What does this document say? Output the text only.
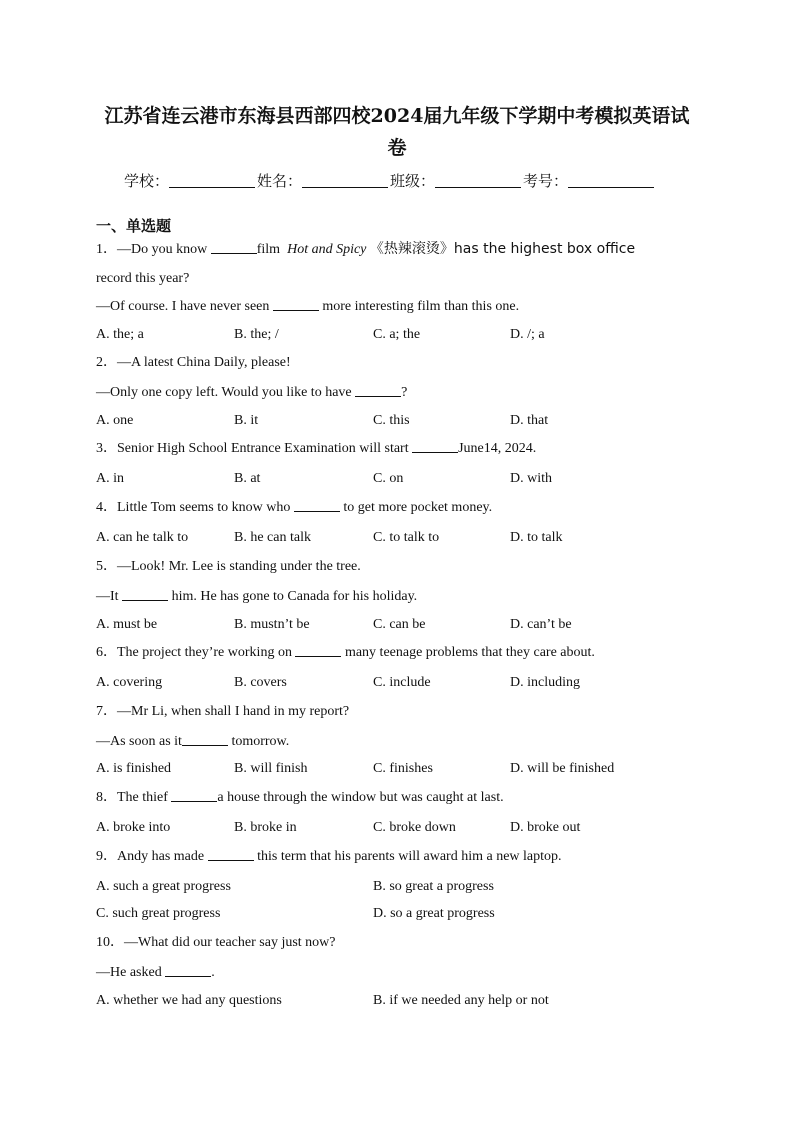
江苏省连云港市东海县西部四校2024届九年级下学期中考模拟英语试
卷
学校：	姓名：	班级：	考号：
一、单选题
1．—Do you know	film Hot and Spicy 《热辣滚烫》has the highest box office
record this year?
—Of course. I have never seen	more interesting film than this one.
A. the; a	B. the; /	C. a; the	D. /; a
2．—A latest China Daily, please!
—Only one copy left. Would you like to have	?
A. one	B. it	C. this	D. that
3．Senior High School Entrance Examination will start	June14, 2024.
A. in	B. at	C. on	D. with
4．Little Tom seems to know who	to get more pocket money.
A. can he talk to	B. he can talk	C. to talk to	D. to talk
5．—Look! Mr. Lee is standing under the tree.
—It	him. He has gone to Canada for his holiday.
A. must be	B. mustn’t be	C. can be	D. can’t be
6．The project they’re working on	many teenage problems that they care about.
A. covering	B. covers	C. include	D. including
7．—Mr Li, when shall I hand in my report?
—As soon as it	tomorrow.
A. is finished	B. will finish	C. finishes	D. will be finished
8．The thief	a house through the window but was caught at last.
A. broke into	B. broke in	C. broke down	D. broke out
9．Andy has made	this term that his parents will award him a new laptop.
A. such a great progress	B. so great a progress
C. such great progress	D. so a great progress
10．—What did our teacher say just now?
—He asked	.
A. whether we had any questions	B. if we needed any help or not
